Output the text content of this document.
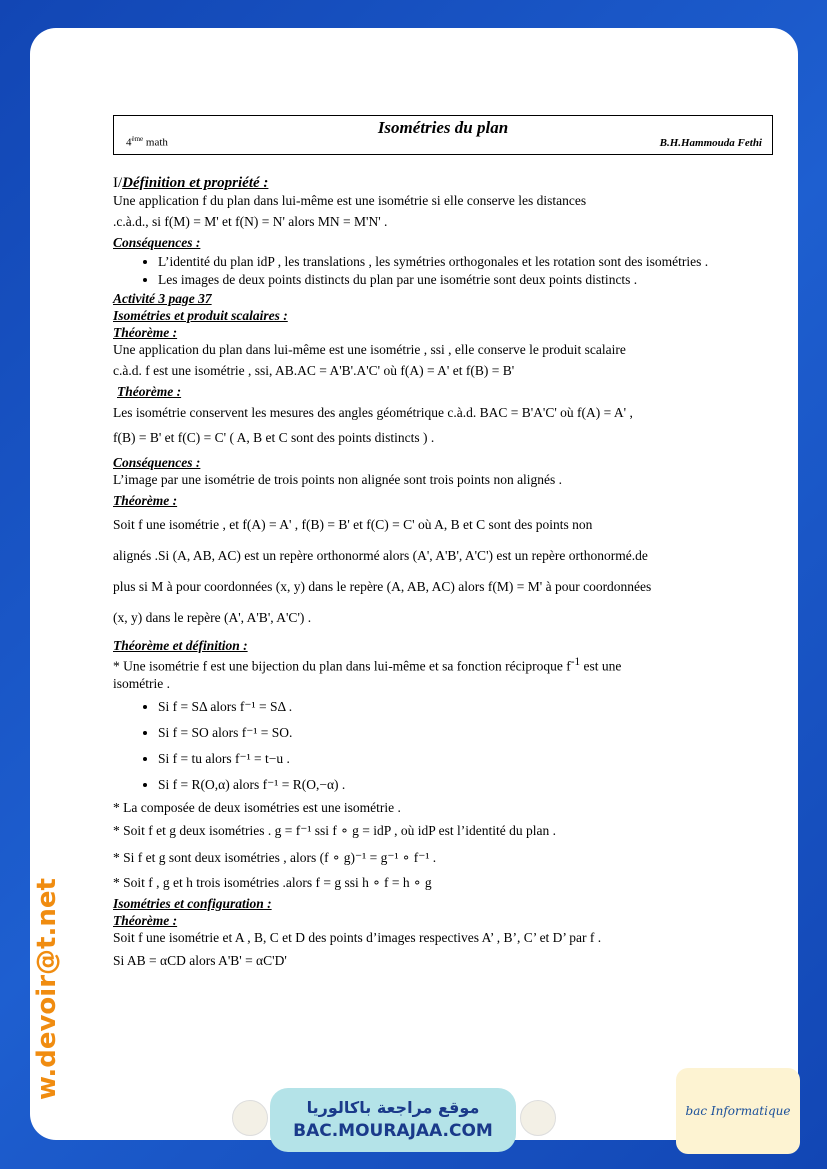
Isométries du plan
4ème math	B.H.Hammouda Fethi

I/Définition et propriété :

Une application f du plan dans lui-même est une isométrie si elle conserve les distances

.c.à.d., si f(M) = M' et f(N) = N' alors MN = M'N' .

Conséquences :

• L’identité du plan idP , les translations , les symétries orthogonales et les rotation sont des isométries .
• Les images de deux points distincts du plan par une isométrie sont deux points distincts .

Activité 3 page 37

Isométries et produit scalaires :

Théorème :

Une application du plan dans lui-même est une isométrie , ssi , elle conserve le produit scalaire

c.à.d. f est une isométrie , ssi, AB.AC = A'B'.A'C' où f(A) = A' et f(B) = B'

Théorème :

Les isométrie conservent les mesures des angles géométrique c.à.d. BAC = B'A'C' où f(A) = A' ,

f(B) = B' et f(C) = C' ( A, B et C sont des points distincts ) .

Conséquences :

L’image par une isométrie de trois points non alignée sont trois points non alignés .

Théorème :

Soit f une isométrie , et f(A) = A' , f(B) = B' et f(C) = C' où A, B et C sont des points non

alignés .Si (A, AB, AC) est un repère orthonormé alors (A', A'B', A'C') est un repère orthonormé.de

plus si M à pour coordonnées (x, y) dans le repère (A, AB, AC) alors f(M) = M' à pour coordonnées

(x, y) dans le repère (A', A'B', A'C') .

Théorème et définition :

* Une isométrie f est une bijection du plan dans lui-même et sa fonction réciproque $f^{-1}$ est une

isométrie .

• Si f = SΔ alors f⁻¹ = SΔ .
• Si f = SO alors f⁻¹ = SO.
• Si f = tu alors f⁻¹ = t−u .
• Si f = R(O,α) alors f⁻¹ = R(O,−α) .

* La composée de deux isométries est une isométrie .

* Soit f et g deux isométries . g = f⁻¹ ssi f ∘ g = idP , où idP est l’identité du plan .

* Si f et g sont deux isométries , alors (f ∘ g)⁻¹ = g⁻¹ ∘ f⁻¹ .

* Soit f , g et h trois isométries .alors f = g ssi h ∘ f = h ∘ g

Isométries et configuration :

Théorème :

Soit f une isométrie et A , B, C et D des points d’images respectives A’ , B’, C’ et D’ par f .

Si AB = αCD alors A'B' = αC'D'

w.devoir@t.net
موقع مراجعة باكالوريا
BAC.MOURAJAA.COM
bac Informatique
